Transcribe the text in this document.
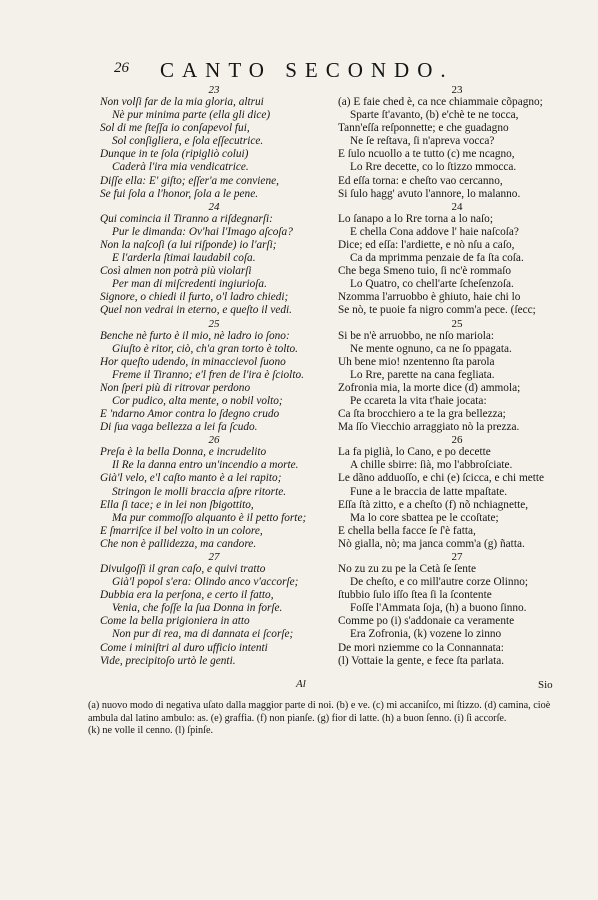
26 CANTO SECONDO.
23
Non volſi far de la mia gloria, altrui
Nè pur minima parte (ella gli dice)
Sol di me ſteſſa io conſapevol fui,
Sol conſigliera, e ſola eſſecutrice.
Dunque in te ſola (ripigliò colui)
Caderà l'ira mia vendicatrice.
Diſſe ella: E' giſto; eſſer'a me conviene,
Se fui ſola a l'honor, ſola a le pene.
24
Qui comincia il Tiranno a riſdegnarſi:
Pur le dimanda: Ov'hai l'Imago aſcoſa?
Non la naſcoſi (a lui riſponde) io l'arſi;
E l'arderla ſtimai laudabil coſa.
Così almen non potrà più violarſi
Per man di miſcredenti ingiurioſa.
Signore, o chiedi il furto, o'l ladro chiedi;
Quel non vedrai in eterno, e queſto il vedi.
25
Benche nè furto è il mio, nè ladro io ſono:
Giuſto è ritor, ciò, ch'a gran torto è tolto.
Hor queſto udendo, in minaccievol ſuono
Freme il Tiranno; e'l fren de l'ira è ſciolto.
Non ſperi più di ritrovar perdono
Cor pudico, alta mente, o nobil volto;
E 'ndarno Amor contra lo ſdegno crudo
Di ſua vaga bellezza a lei fa ſcudo.
26
Preſa è la bella Donna, e incrudelito
Il Re la danna entro un'incendio a morte.
Già'l velo, e'l caſto manto è a lei rapito;
Stringon le molli braccia aſpre ritorte.
Ella ſi tace; e in lei non ſbigottito,
Ma pur commoſſo alquanto è il petto forte;
E ſmarriſce il bel volto in un colore,
Che non è pallidezza, ma candore.
27
Divulgoſſi il gran caſo, e quivi tratto
Già'l popol s'era: Olindo anco v'accorſe;
Dubbia era la perſona, e certo il fatto,
Venia, che foſſe la ſua Donna in forſe.
Come la bella prigioniera in atto
Non pur di rea, ma di dannata ei ſcorſe;
Come i miniſtri al duro ufficio intenti
Vide, precipitoſo urtò le genti.
23
(a) E faie ched è, ca nce chiammaie cõpagno;
Sparte ſt'avanto, (b) e'chè te ne tocca,
Tann'eſſa reſponnette; e che guadagno
Ne ſe reſtava, ſi n'apreva vocca?
E ſulo ncuollo a te tutto (c) me ncagno,
Lo Rre decette, co lo ſtizzo mmocca.
Ed eſſa torna: e cheſto vao cercanno,
Si ſulo hagg' avuto l'annore, lo malanno.
24
Lo ſanapo a lo Rre torna a lo naſo;
E chella Cona addove l' haie naſcoſa?
Dice; ed eſſa: l'ardiette, e nò nſu a caſo,
Ca da mprimma penzaie de fa ſta coſa.
Che bega Smeno tuio, ſi nc'è rommaſo
Lo Quatro, co chell'arte ſcheſenzoſa.
Nzomma l'arruobbo è ghiuto, haie chi lo
Se nò, te puoie fa nigro comm'a pece. (ſecc;
25
Si be n'è arruobbo, ne nſo mariola:
Ne mente ognuno, ca ne ſo ppagata.
Uh bene mio! nzentenno ſta parola
Lo Rre, parette na cana fegliata.
Zofronia mia, la morte dice (d) ammola;
Pe ccareta la vita t'haie jocata:
Ca ſta brocchiero a te la gra bellezza;
Ma ſſo Viecchio arraggiato nò la prezza.
26
La fa piglià, lo Cano, e po decette
A chille sbirre: ſià, mo l'abbroſciate.
Le dãno adduoſſo, e chi (e) ſcicca, e chi mette
Fune a le braccia de latte mpaſtate.
Eſſa ſtà zitto, e a cheſto (f) nõ nchiagnette,
Ma lo core sbattea pe le ccoſtate;
E chella bella facce ſe ſ'è fatta,
Nò gialla, nò; ma janca comm'a (g) ñatta.
27
No zu zu zu pe la Cetà ſe ſente
De cheſto, e co mill'autre corze Olinno;
ſtubbio ſulo iſſo ſtea ſi la ſcontente
Foſſe l'Ammata ſoja, (h) a buono ſinno.
Comme po (i) s'addonaie ca veramente
Era Zofronia, (k) vozene lo zinno
De mori nziemme co la Connannata:
(l) Vottaie la gente, e fece ſta parlata.
Al	Sio
(a) nuovo modo di negativa uſato dalla maggior parte di noi. (b) e ve. (c) mi accaniſco, mi ſtizzo. (d) camina, cioè
ambula dal latino ambulo: as. (e) graffia. (f) non pianſe. (g) fior di latte. (h) a buon ſenno. (i) ſi accorſe.
(k) ne volle il cenno. (l) ſpinſe.
